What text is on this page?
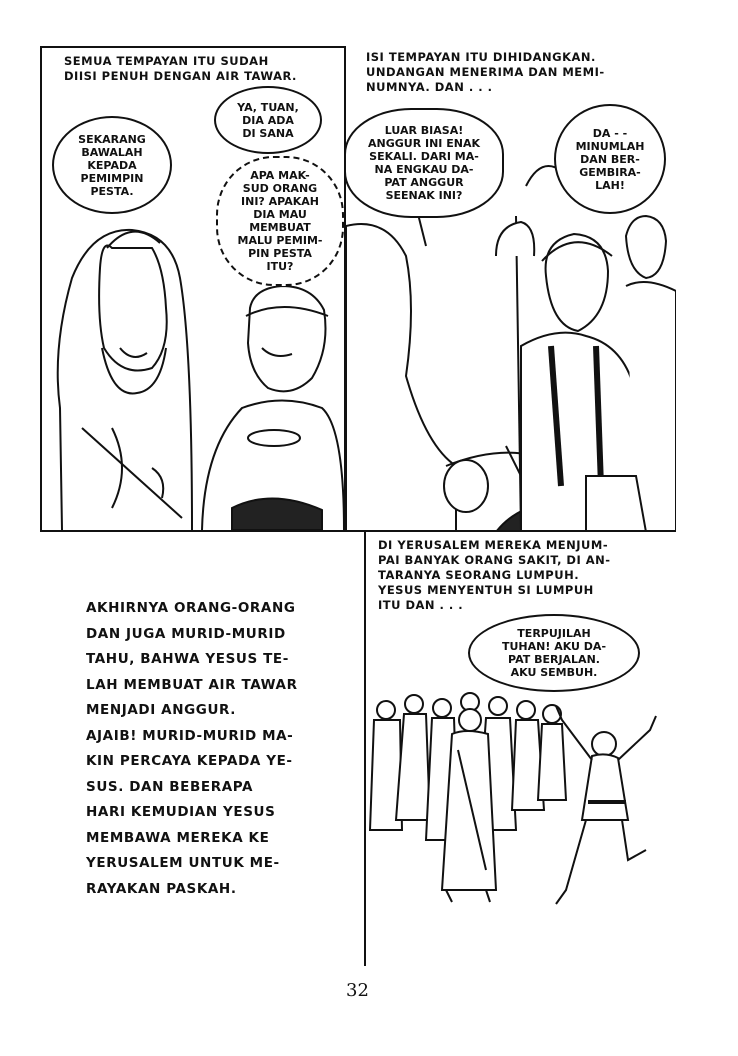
SEMUA TEMPAYAN ITU SUDAH
DIISI PENUH DENGAN AIR TAWAR.
SEKARANG
BAWALAH
KEPADA
PEMIMPIN
PESTA.
YA, TUAN,
DIA ADA
DI SANA
APA MAK-
SUD ORANG
INI? APAKAH
DIA MAU
MEMBUAT
MALU PEMIM-
PIN PESTA
ITU?
ISI TEMPAYAN ITU DIHIDANGKAN.
UNDANGAN MENERIMA DAN MEMI-
NUMNYA. DAN . . .
LUAR BIASA!
ANGGUR INI ENAK
SEKALI. DARI MA-
NA ENGKAU DA-
PAT ANGGUR
SEENAK INI?
DA - -
MINUMLAH
DAN BER-
GEMBIRA-
LAH!
AKHIRNYA ORANG-ORANG
DAN JUGA MURID-MURID
TAHU, BAHWA YESUS TE-
LAH MEMBUAT AIR TAWAR
MENJADI ANGGUR.
AJAIB! MURID-MURID MA-
KIN PERCAYA KEPADA YE-
SUS. DAN BEBERAPA
HARI KEMUDIAN YESUS
MEMBAWA MEREKA KE
YERUSALEM UNTUK ME-
RAYAKAN PASKAH.
DI YERUSALEM MEREKA MENJUM-
PAI BANYAK ORANG SAKIT, DI AN-
TARANYA SEORANG LUMPUH.
YESUS MENYENTUH SI LUMPUH
ITU DAN . . .
TERPUJILAH
TUHAN! AKU DA-
PAT BERJALAN.
AKU SEMBUH.
32
